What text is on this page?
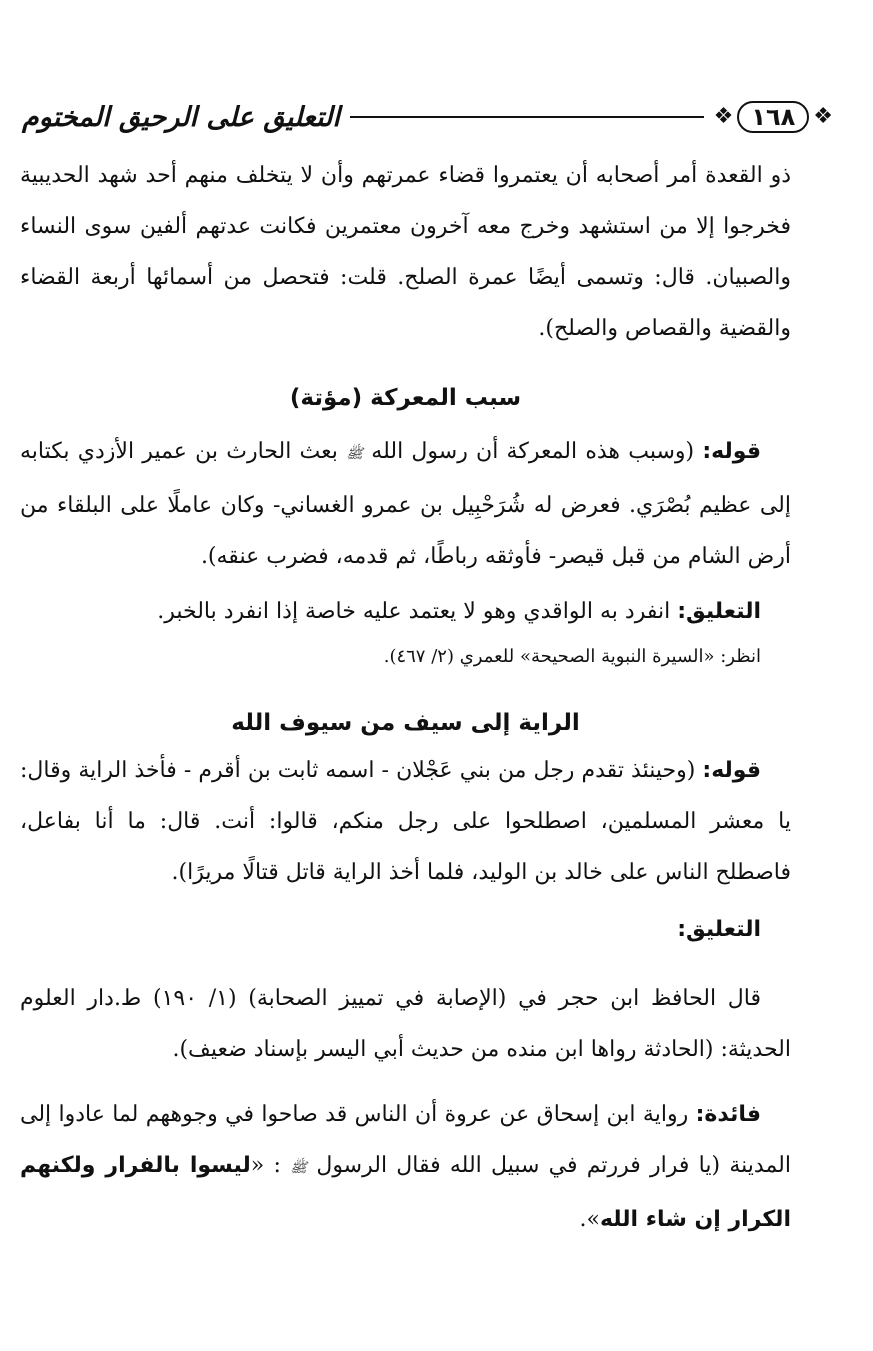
❖
١٦٨
❖
التعليق على الرحيق المختوم

ذو القعدة أمر أصحابه أن يعتمروا قضاء عمرتهم وأن لا يتخلف منهم أحد شهد الحديبية فخرجوا إلا من استشهد وخرج معه آخرون معتمرين فكانت عدتهم ألفين سوى النساء والصبيان. قال: وتسمى أيضًا عمرة الصلح. قلت: فتحصل من أسمائها أربعة القضاء والقضية والقصاص والصلح).

سبب المعركة (مؤتة)

قوله: (وسبب هذه المعركة أن رسول الله ﷺ بعث الحارث بن عمير الأزدي بكتابه إلى عظيم بُصْرَي. فعرض له شُرَحْبِيل بن عمرو الغساني- وكان عاملًا على البلقاء من أرض الشام من قبل قيصر- فأوثقه رباطًا، ثم قدمه، فضرب عنقه).

التعليق: انفرد به الواقدي وهو لا يعتمد عليه خاصة إذا انفرد بالخبر.

انظر: «السيرة النبوية الصحيحة» للعمري (٢/ ٤٦٧).

الراية إلى سيف من سيوف الله

قوله: (وحينئذ تقدم رجل من بني عَجْلان - اسمه ثابت بن أقرم - فأخذ الراية وقال: يا معشر المسلمين، اصطلحوا على رجل منكم، قالوا: أنت. قال: ما أنا بفاعل، فاصطلح الناس على خالد بن الوليد، فلما أخذ الراية قاتل قتالًا مريرًا).

التعليق:

قال الحافظ ابن حجر في (الإصابة في تمييز الصحابة) (١/ ١٩٠) ط.دار العلوم الحديثة: (الحادثة رواها ابن منده من حديث أبي اليسر بإسناد ضعيف).

فائدة: رواية ابن إسحاق عن عروة أن الناس قد صاحوا في وجوههم لما عادوا إلى المدينة (يا فرار فررتم في سبيل الله فقال الرسول ﷺ : «ليسوا بالفرار ولكنهم الكرار إن شاء الله».
